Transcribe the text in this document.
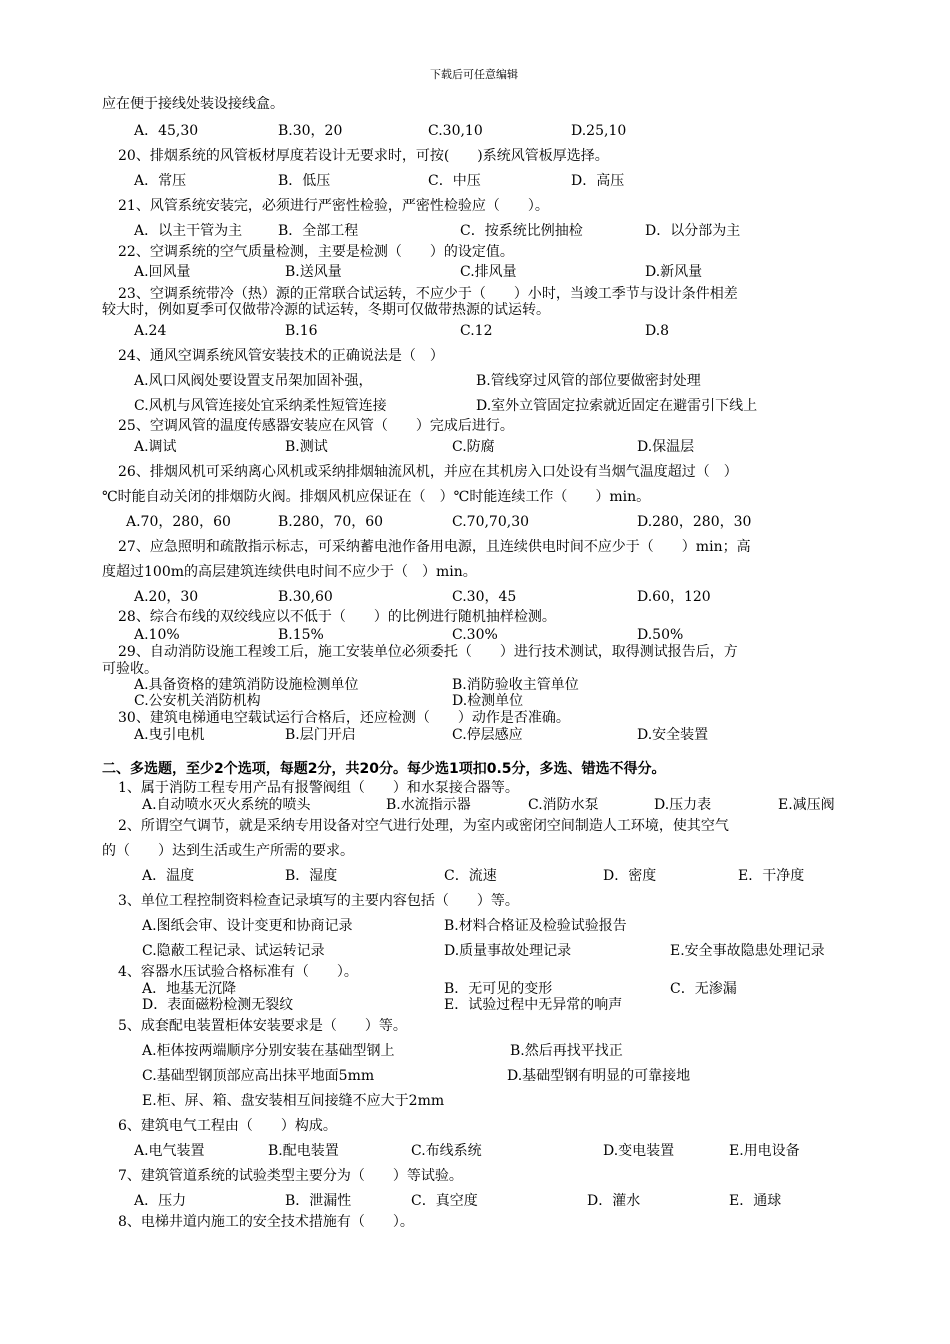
下载后可任意编辑
应在便于接线处装设接线盒。
A．45,30	B.30，20	C.30,10	D.25,10
20、排烟系统的风管板材厚度若设计无要求时，可按(　　)系统风管板厚选择。
A．常压	B．低压	C．中压	D．高压
21、风管系统安装完，必须进行严密性检验，严密性检验应（　　）。
A．以主干管为主	B．全部工程	C．按系统比例抽检	D．以分部为主
22、空调系统的空气质量检测，主要是检测（　　）的设定值。
A.回风量	B.送风量	C.排风量	D.新风量
23、空调系统带冷（热）源的正常联合试运转，不应少于（　　）小时，当竣工季节与设计条件相差
较大时，例如夏季可仅做带冷源的试运转，冬期可仅做带热源的试运转。
A.24	B.16	C.12	D.8
24、通风空调系统风管安装技术的正确说法是（　）
A.风口风阀处要设置支吊架加固补强，	B.管线穿过风管的部位要做密封处理
C.风机与风管连接处宜采纳柔性短管连接	D.室外立管固定拉索就近固定在避雷引下线上
25、空调风管的温度传感器安装应在风管（　　）完成后进行。
A.调试	B.测试	C.防腐	D.保温层
26、排烟风机可采纳离心风机或采纳排烟轴流风机，并应在其机房入口处设有当烟气温度超过（　）
℃时能自动关闭的排烟防火阀。排烟风机应保证在（　）℃时能连续工作（　　）min。
A.70，280，60	B.280，70，60	C.70,70,30	D.280，280，30
27、应急照明和疏散指示标志，可采纳蓄电池作备用电源，且连续供电时间不应少于（　　）min；高
度超过100m的高层建筑连续供电时间不应少于（　）min。
A.20，30	B.30,60	C.30，45	D.60，120
28、综合布线的双绞线应以不低于（　　）的比例进行随机抽样检测。
A.10%	B.15%	C.30%	D.50%
29、自动消防设施工程竣工后，施工安装单位必须委托（　　）进行技术测试，取得测试报告后，方
可验收。
A.具备资格的建筑消防设施检测单位	B.消防验收主管单位
C.公安机关消防机构	D.检测单位
30、建筑电梯通电空载试运行合格后，还应检测（　　）动作是否准确。
A.曳引电机	B.层门开启	C.停层感应	D.安全装置
二、多选题，至少2个选项，每题2分，共20分。每少选1项扣0.5分，多选、错选不得分。
1、属于消防工程专用产品有报警阀组（　　）和水泵接合器等。
A.自动喷水灭火系统的喷头	B.水流指示器	C.消防水泵	D.压力表	E.减压阀
2、所谓空气调节，就是采纳专用设备对空气进行处理，为室内或密闭空间制造人工环境，使其空气
的（　　）达到生活或生产所需的要求。
A．温度	B．湿度	C．流速	D．密度	E．干净度
3、单位工程控制资料检查记录填写的主要内容包括（　　）等。
A.图纸会审、设计变更和协商记录	B.材料合格证及检验试验报告
C.隐蔽工程记录、试运转记录	D.质量事故处理记录	E.安全事故隐患处理记录
4、容器水压试验合格标准有（　　）。
A．地基无沉降	B．无可见的变形	C．无渗漏
D．表面磁粉检测无裂纹	E．试验过程中无异常的响声
5、成套配电装置柜体安装要求是（　　）等。
A.柜体按两端顺序分别安装在基础型钢上	B.然后再找平找正
C.基础型钢顶部应高出抹平地面5mm	D.基础型钢有明显的可靠接地
E.柜、屏、箱、盘安装相互间接缝不应大于2mm
6、建筑电气工程由（　　）构成。
A.电气装置	B.配电装置	C.布线系统	D.变电装置	E.用电设备
7、建筑管道系统的试验类型主要分为（　　）等试验。
A．压力	B．泄漏性	C．真空度	D．灌水	E．通球
8、电梯井道内施工的安全技术措施有（　　）。
